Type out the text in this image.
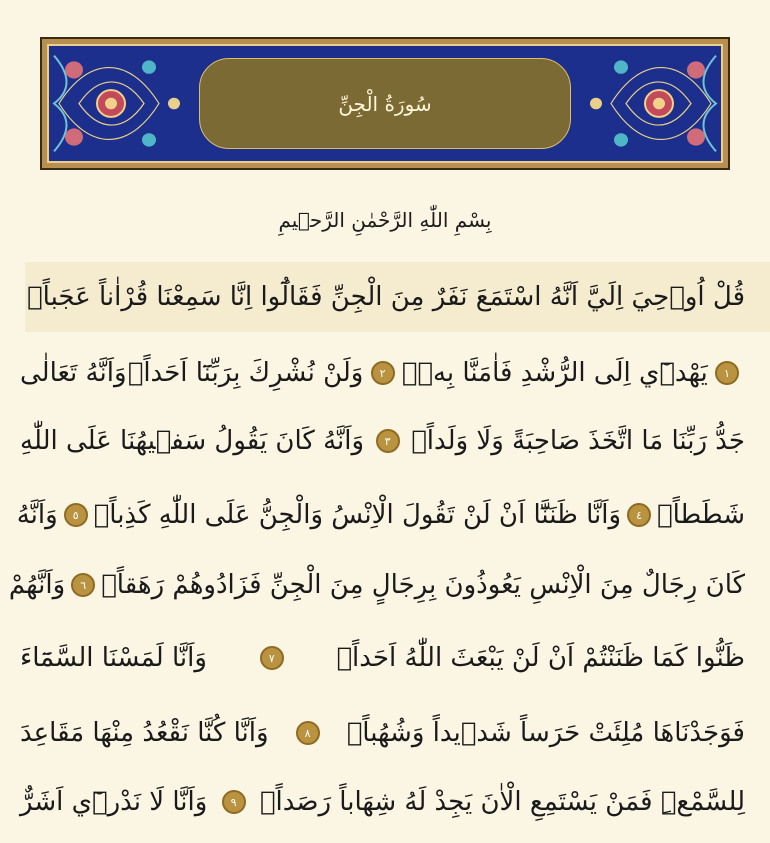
سُورَةُ الْجِنِّ
بِسْمِ اللّٰهِ الرَّحْمٰنِ الرَّح۪يمِ
قُلْ اُو۫حِيَ اِلَيَّ اَنَّهُ اسْتَمَعَ نَفَرٌ مِنَ الْجِنِّ فَقَالُٓوا اِنَّا سَمِعْنَا قُرْاٰناً عَجَباًۙ
١
يَهْد۪ٓي اِلَى الرُّشْدِ فَاٰمَنَّا بِه۪ۜ
٢
وَلَنْ نُشْرِكَ بِرَبِّنَٓا اَحَداًۙ
وَاَنَّهُ تَعَالٰى
جَدُّ رَبِّنَا مَا اتَّخَذَ صَاحِبَةً وَلَا وَلَداًۙ
٣
وَاَنَّهُ كَانَ يَقُولُ سَف۪يهُنَا عَلَى اللّٰهِ
شَطَطاًۙ
٤
وَاَنَّا ظَنَنَّٓا اَنْ لَنْ تَقُولَ الْاِنْسُ وَالْجِنُّ عَلَى اللّٰهِ كَذِباًۙ
٥
وَاَنَّهُ
كَانَ رِجَالٌ مِنَ الْاِنْسِ يَعُوذُونَ بِرِجَالٍ مِنَ الْجِنِّ فَزَادُوهُمْ رَهَقاًۙ
٦
وَاَنَّهُمْ
ظَنُّوا كَمَا ظَنَنْتُمْ اَنْ لَنْ يَبْعَثَ اللّٰهُ اَحَداًۙ
٧
وَاَنَّا لَمَسْنَا السَّمَٓاءَ
فَوَجَدْنَاهَا مُلِئَتْ حَرَساً شَد۪يداً وَشُهُباًۙ
٨
وَاَنَّا كُنَّا نَقْعُدُ مِنْهَا مَقَاعِدَ
لِلسَّمْعِۜ فَمَنْ يَسْتَمِعِ الْاٰنَ يَجِدْ لَهُ شِهَاباً رَصَداًۙ
٩
وَاَنَّا لَا نَدْر۪ٓي اَشَرٌّ
